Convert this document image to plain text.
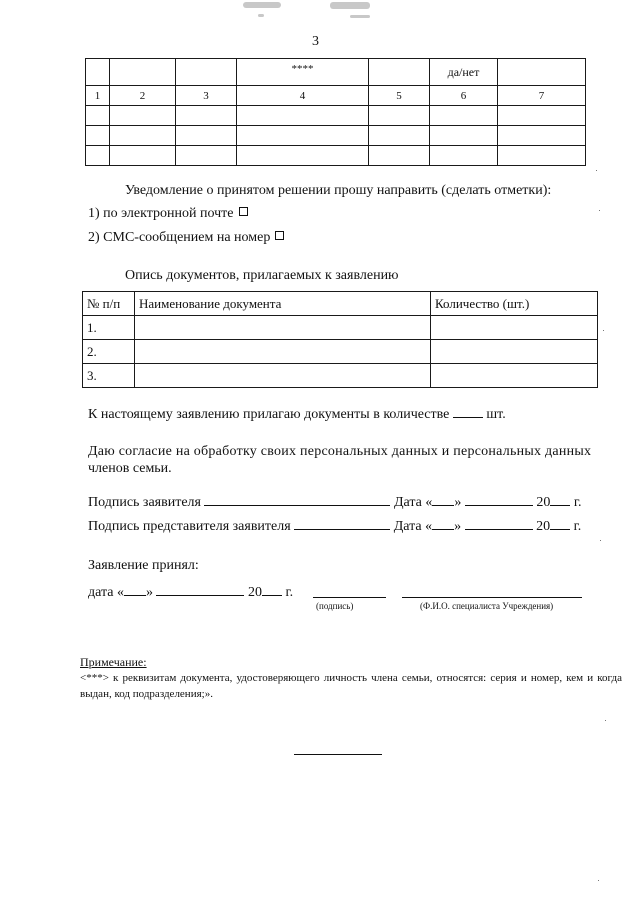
3
			****		да/нет	
1	2	3	4	5	6	7

Уведомление о принятом решении прошу направить (сделать отметки):
1) по электронной почте
2) СМС-сообщением на номер
Опись документов, прилагаемых к заявлению
№ п/п	Наименование документа	Количество (шт.)
1.		
2.		
3.		
К настоящему заявлению прилагаю документы в количестве	шт.
Даю согласие на обработку своих персональных данных и персональных данных
членов семьи.
Подпись заявителя	Дата « »	20 г.
Подпись представителя заявителя	Дата « »	20 г.
Заявление принял:
дата « »	20 г.
(подпись)	(Ф.И.О. специалиста Учреждения)
Примечание:
<***> к реквизитам документа, удостоверяющего личность члена семьи, относятся: серия и номер, кем и когда выдан, код подразделения;».
